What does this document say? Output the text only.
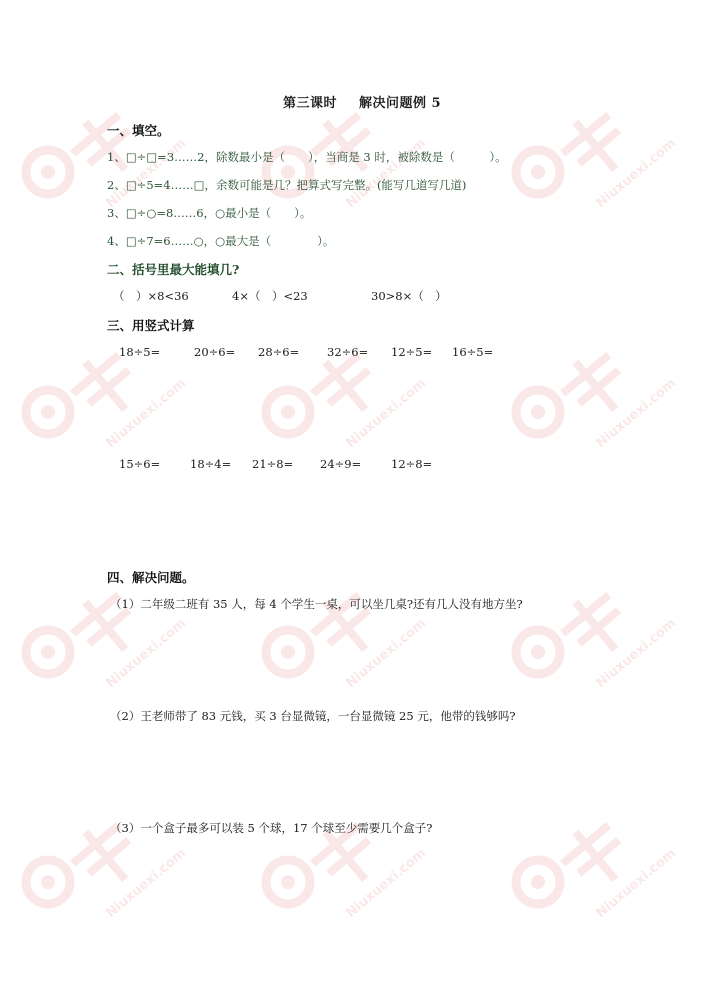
Niuxuexi.com	Niuxuexi.com	Niuxuexi.com
Niuxuexi.com	Niuxuexi.com	Niuxuexi.com
Niuxuexi.com	Niuxuexi.com	Niuxuexi.com
Niuxuexi.com	Niuxuexi.com	Niuxuexi.com
第三课时 解决问题例 5
一、填空。
1、□÷□=3……2，除数最小是（　　），当商是 3 时，被除数是（　　　）。
2、□÷5=4……□，余数可能是几？把算式写完整。(能写几道写几道)
3、□÷○=8……6，○最小是（　　）。
4、□÷7=6……○，○最大是（　　　　）。
二、括号里最大能填几?
（　）×8<36	4×（　）<23	30>8×（　）
三、用竖式计算
18÷5=	20÷6= 28÷6= 32÷6= 12÷5= 16÷5=
15÷6=	18÷4= 21÷8= 24÷9=	12÷8=
四、解决问题。
（1）二年级二班有 35 人，每 4 个学生一桌，可以坐几桌?还有几人没有地方坐?
（2）王老师带了 83 元钱，买 3 台显微镜，一台显微镜 25 元，他带的钱够吗?
（3）一个盒子最多可以装 5 个球，17 个球至少需要几个盒子?
